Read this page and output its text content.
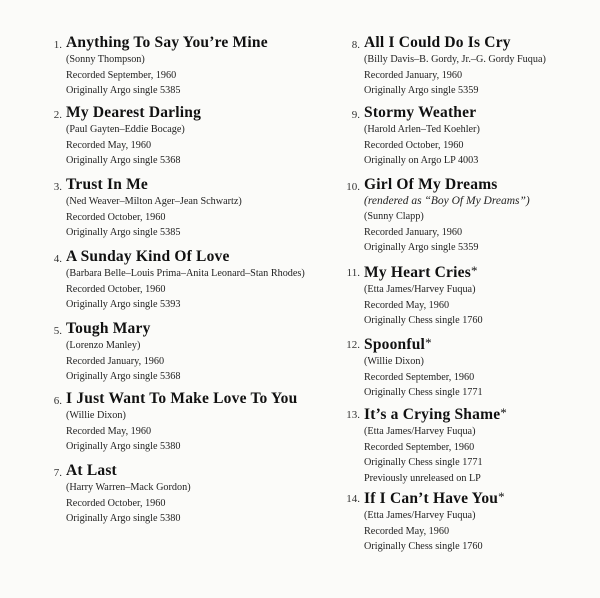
1. Anything To Say You’re Mine
(Sonny Thompson)
Recorded September, 1960
Originally Argo single 5385
2. My Dearest Darling
(Paul Gayten–Eddie Bocage)
Recorded May, 1960
Originally Argo single 5368
3. Trust In Me
(Ned Weaver–Milton Ager–Jean Schwartz)
Recorded October, 1960
Originally Argo single 5385
4. A Sunday Kind Of Love
(Barbara Belle–Louis Prima–Anita Leonard–Stan Rhodes)
Recorded October, 1960
Originally Argo single 5393
5. Tough Mary
(Lorenzo Manley)
Recorded January, 1960
Originally Argo single 5368
6. I Just Want To Make Love To You
(Willie Dixon)
Recorded May, 1960
Originally Argo single 5380
7. At Last
(Harry Warren–Mack Gordon)
Recorded October, 1960
Originally Argo single 5380
8. All I Could Do Is Cry
(Billy Davis–B. Gordy, Jr.–G. Gordy Fuqua)
Recorded January, 1960
Originally Argo single 5359
9. Stormy Weather
(Harold Arlen–Ted Koehler)
Recorded October, 1960
Originally on Argo LP 4003
10. Girl Of My Dreams
(rendered as “Boy Of My Dreams”)
(Sunny Clapp)
Recorded January, 1960
Originally Argo single 5359
11. My Heart Cries*
(Etta James/Harvey Fuqua)
Recorded May, 1960
Originally Chess single 1760
12. Spoonful*
(Willie Dixon)
Recorded September, 1960
Originally Chess single 1771
13. It’s a Crying Shame*
(Etta James/Harvey Fuqua)
Recorded September, 1960
Originally Chess single 1771
Previously unreleased on LP
14. If I Can’t Have You*
(Etta James/Harvey Fuqua)
Recorded May, 1960
Originally Chess single 1760
